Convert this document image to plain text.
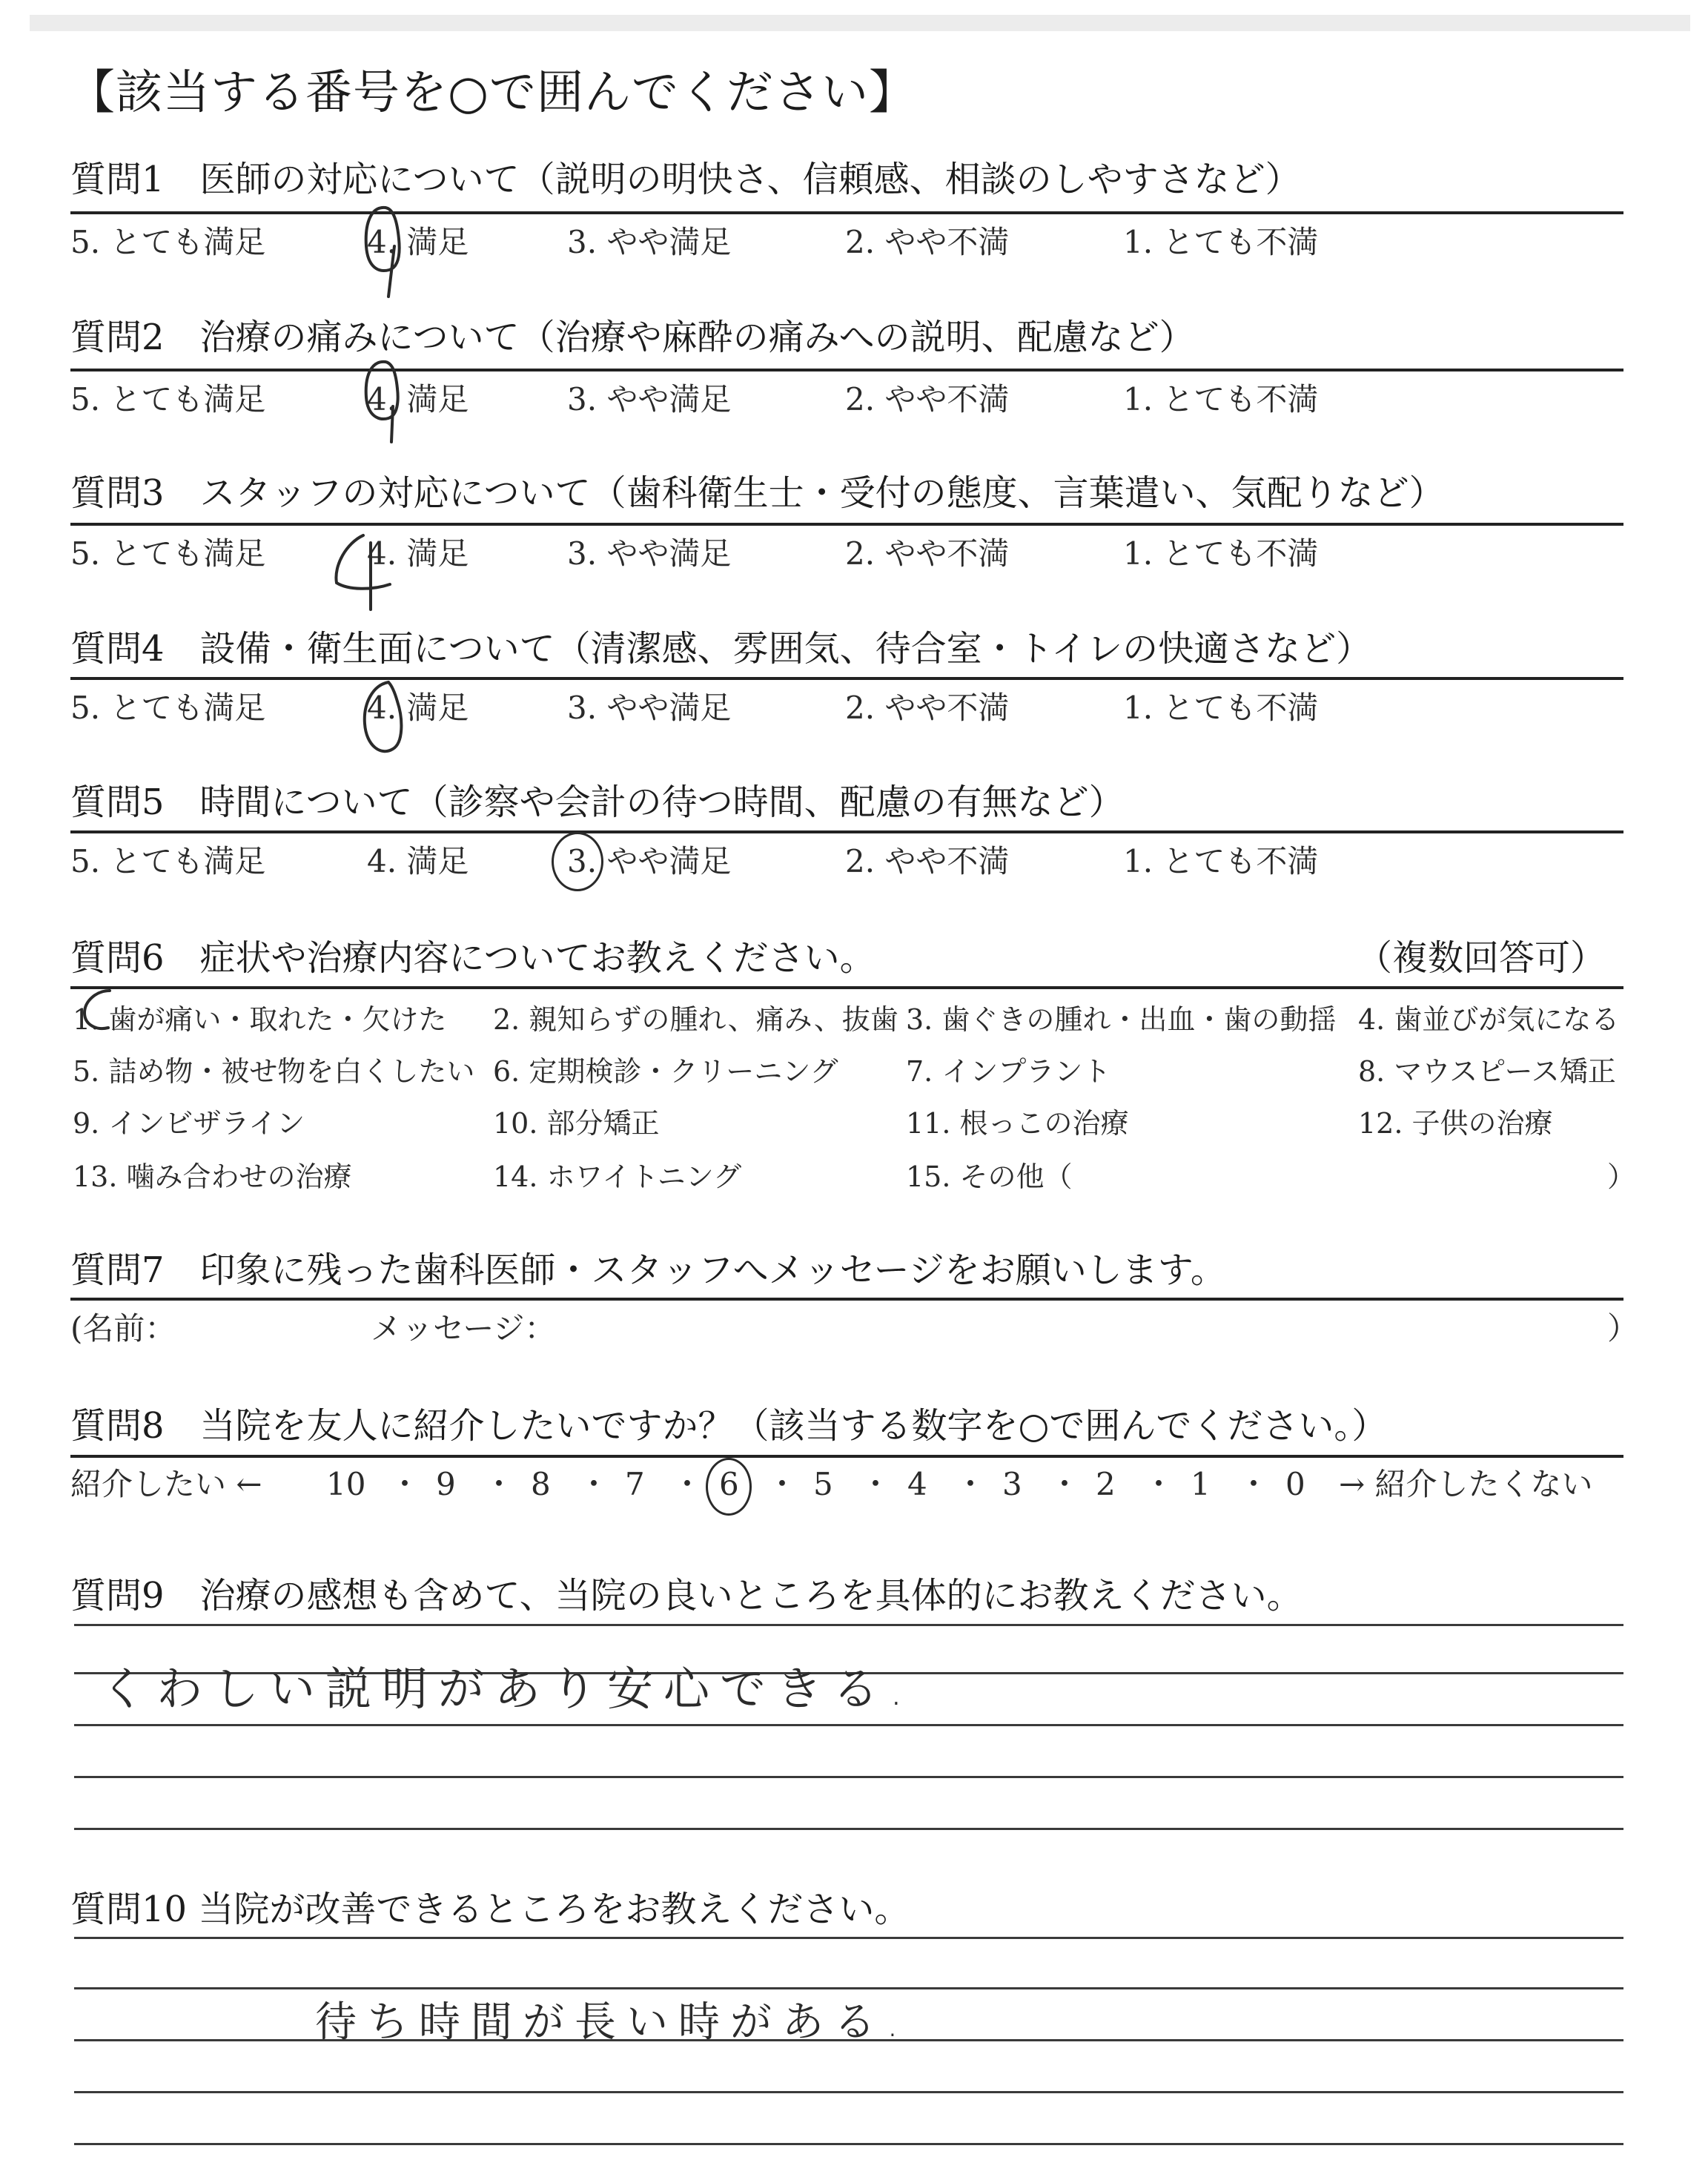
【該当する番号を○で囲んでください】
質問1　医師の対応について（説明の明快さ、信頼感、相談のしやすさなど）
5. とても満足	4. 満足	3. やや満足	2. やや不満	1. とても不満
質問2　治療の痛みについて（治療や麻酔の痛みへの説明、配慮など）
5. とても満足	4. 満足	3. やや満足	2. やや不満	1. とても不満
質問3　スタッフの対応について（歯科衛生士・受付の態度、言葉遣い、気配りなど）
5. とても満足	4. 満足	3. やや満足	2. やや不満	1. とても不満
質問4　設備・衛生面について（清潔感、雰囲気、待合室・トイレの快適さなど）
5. とても満足	4. 満足	3. やや満足	2. やや不満	1. とても不満
質問5　時間について（診察や会計の待つ時間、配慮の有無など）
5. とても満足	4. 満足	3. やや満足	2. やや不満	1. とても不満
質問6　症状や治療内容についてお教えください。	（複数回答可）
1. 歯が痛い・取れた・欠けた 2. 親知らずの腫れ、痛み、抜歯 3. 歯ぐきの腫れ・出血・歯の動揺 4. 歯並びが気になる
5. 詰め物・被せ物を白くしたい 6. 定期検診・クリーニング 7. インプラント	8. マウスピース矯正
9. インビザライン	10. 部分矯正	11. 根っこの治療	12. 子供の治療
13. 噛み合わせの治療	14. ホワイトニング	15. その他（	）
質問7　印象に残った歯科医師・スタッフへメッセージをお願いします。
(名前：	メッセージ：	）
質問8　当院を友人に紹介したいですか？（該当する数字を○で囲んでください。）
紹介したい ← 10 ・ 9 ・ 8 ・ 7 ・ 6 ・ 5 ・ 4 ・ 3 ・ 2 ・ 1 ・ 0 → 紹介したくない
質問9　治療の感想も含めて、当院の良いところを具体的にお教えください。
くわしい説明があり安心できる.
質問10 当院が改善できるところをお教えください。
待ち時間が長い時がある.
